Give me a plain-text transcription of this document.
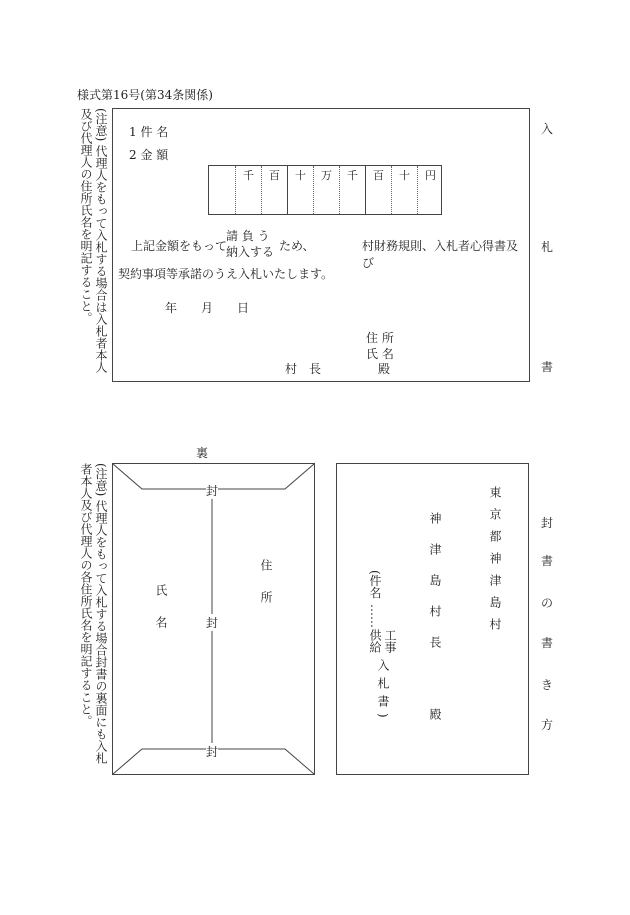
様式第16号(第34条関係)
(注意) 代理人をもって入札する場合は入札者本人及び代理人の住所氏名を明記すること。	1 件 名
2 金 額
千	百	十	万	千	百	十	円
上記金額をもって
請 負 う
納入する ため、	村財務規則、入札者心得書及び
契約事項等承諾のうえ入札いたします。
年 月 日
住 所
氏 名
村　長	殿
入
札
書
裏
(注意) 代理人をもって入札する場合封書の裏面にも入札者本人及び代理人の各住所氏名を明記すること。	封
封
封
住 所
氏 名	東京都神津島村
神津島村長
殿
(件名
……
工事
供給
入札書)
封
書
の
書
き
方
